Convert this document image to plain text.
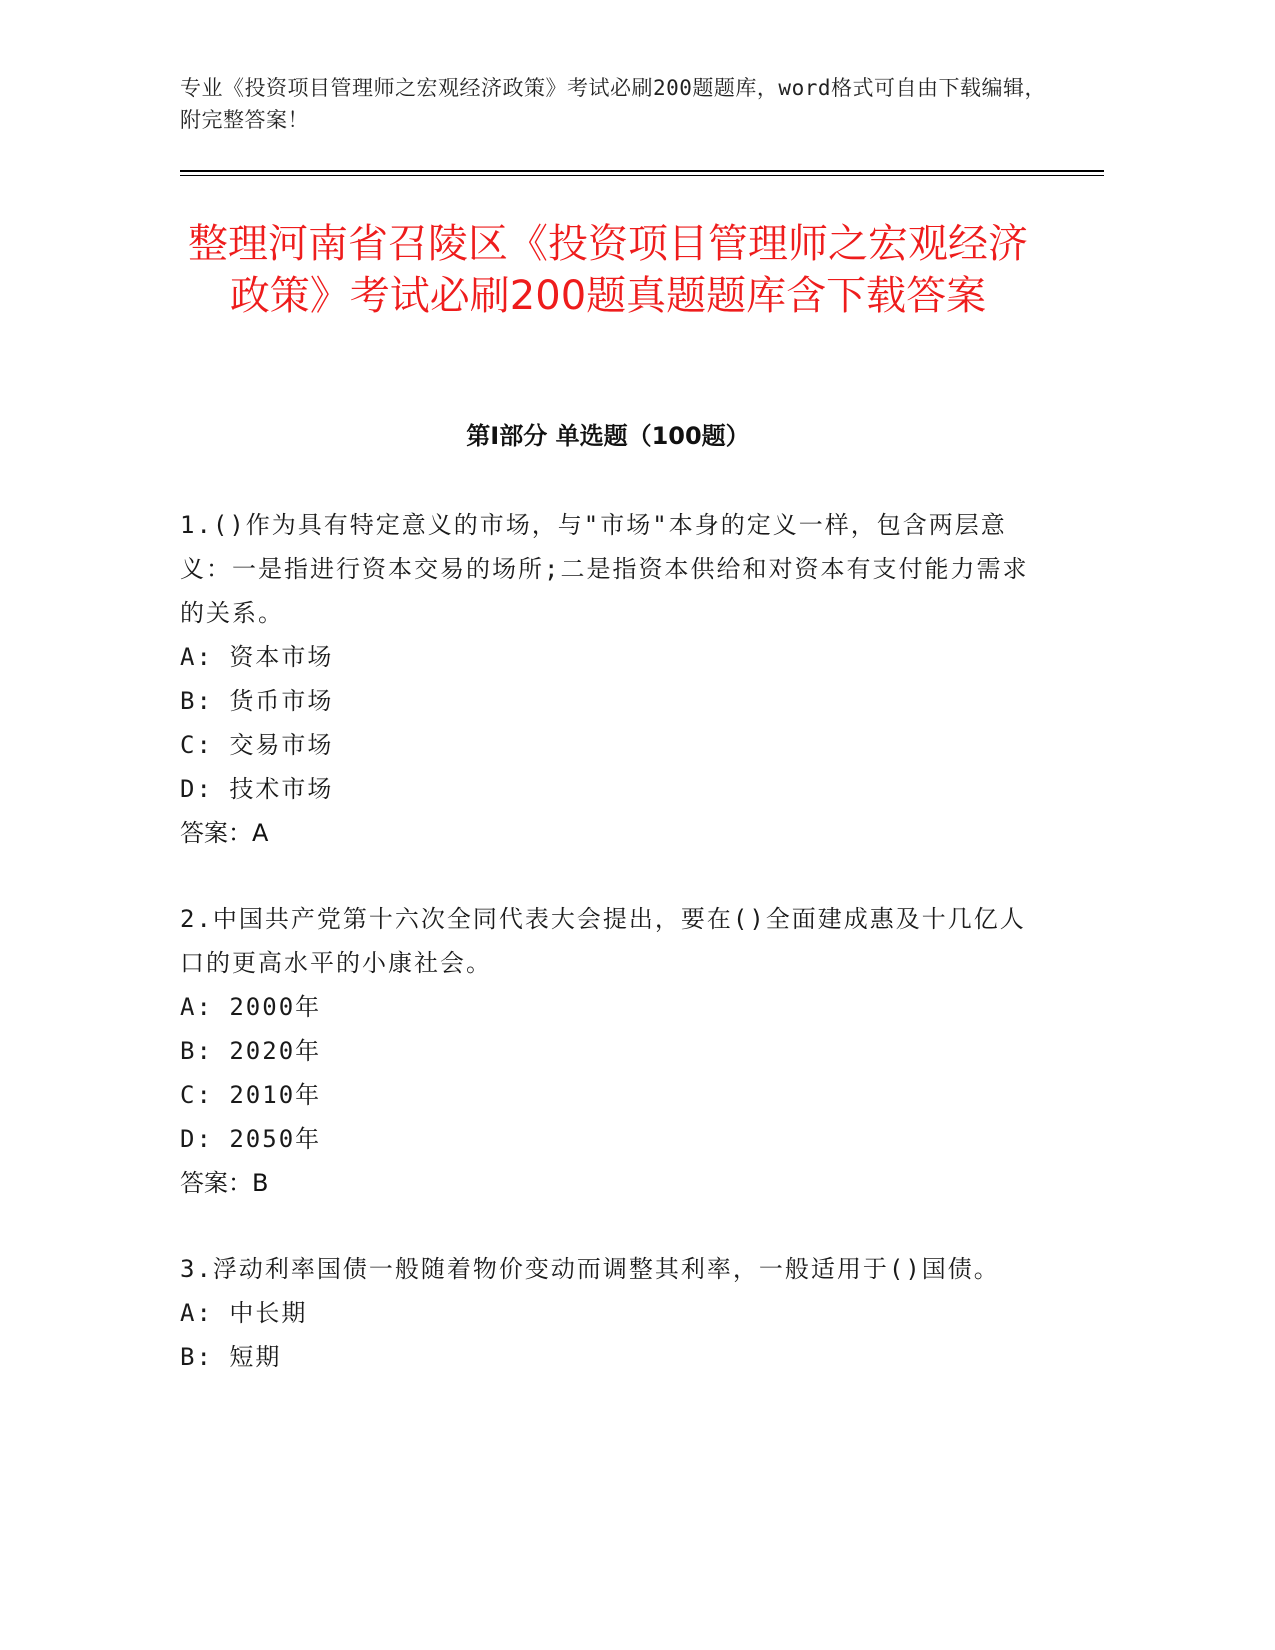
专业《投资项目管理师之宏观经济政策》考试必刷200题题库，word格式可自由下载编辑，附完整答案！
整理河南省召陵区《投资项目管理师之宏观经济政策》考试必刷200题真题题库含下载答案
第Ⅰ部分 单选题（100题）

1.()作为具有特定意义的市场，与"市场"本身的定义一样，包含两层意义：一是指进行资本交易的场所;二是指资本供给和对资本有支付能力需求的关系。

A: 资本市场

B: 货币市场

C: 交易市场

D: 技术市场

答案：A

2.中国共产党第十六次全同代表大会提出，要在()全面建成惠及十几亿人口的更高水平的小康社会。

A: 2000年

B: 2020年

C: 2010年

D: 2050年

答案：B

3.浮动利率国债一般随着物价变动而调整其利率，一般适用于()国债。

A: 中长期

B: 短期
